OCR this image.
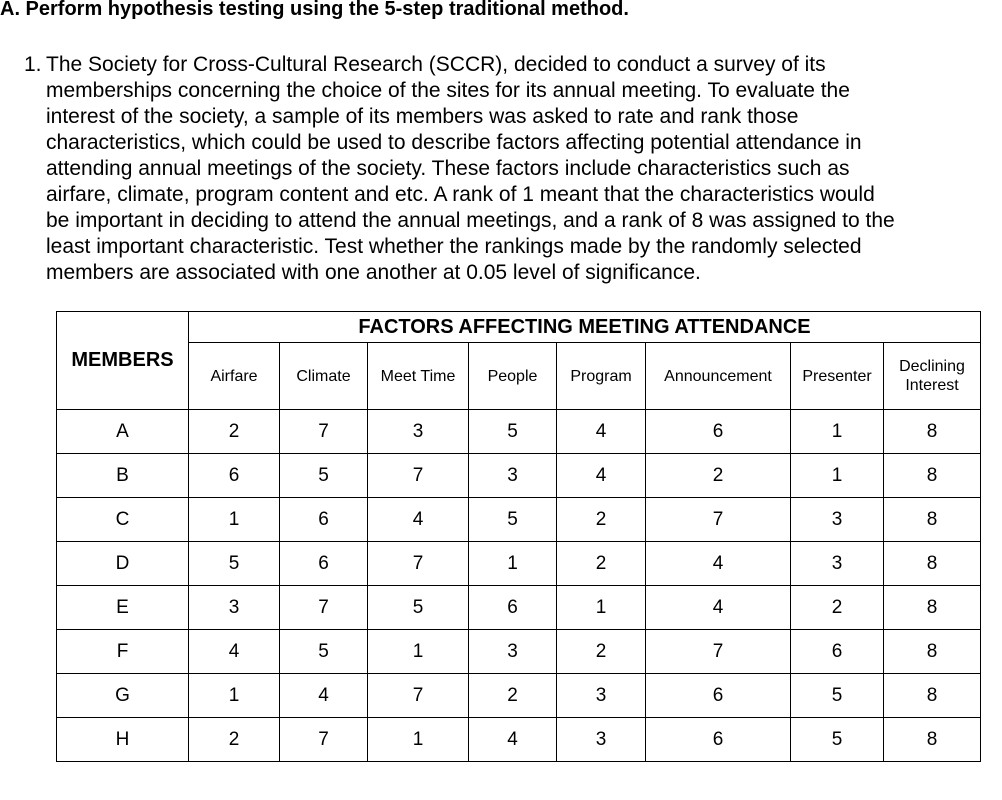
A. Perform hypothesis testing using the 5-step traditional method.
1. The Society for Cross-Cultural Research (SCCR), decided to conduct a survey of its
memberships concerning the choice of the sites for its annual meeting. To evaluate the
interest of the society, a sample of its members was asked to rate and rank those
characteristics, which could be used to describe factors affecting potential attendance in
attending annual meetings of the society. These factors include characteristics such as
airfare, climate, program content and etc. A rank of 1 meant that the characteristics would
be important in deciding to attend the annual meetings, and a rank of 8 was assigned to the
least important characteristic. Test whether the rankings made by the randomly selected
members are associated with one another at 0.05 level of significance.
MEMBERS	FACTORS AFFECTING MEETING ATTENDANCE							
	Airfare	Climate	Meet Time	People	Program	Announcement	Presenter	Declining Interest
A	2	7	3	5	4	6	1	8
B	6	5	7	3	4	2	1	8
C	1	6	4	5	2	7	3	8
D	5	6	7	1	2	4	3	8
E	3	7	5	6	1	4	2	8
F	4	5	1	3	2	7	6	8
G	1	4	7	2	3	6	5	8
H	2	7	1	4	3	6	5	8
